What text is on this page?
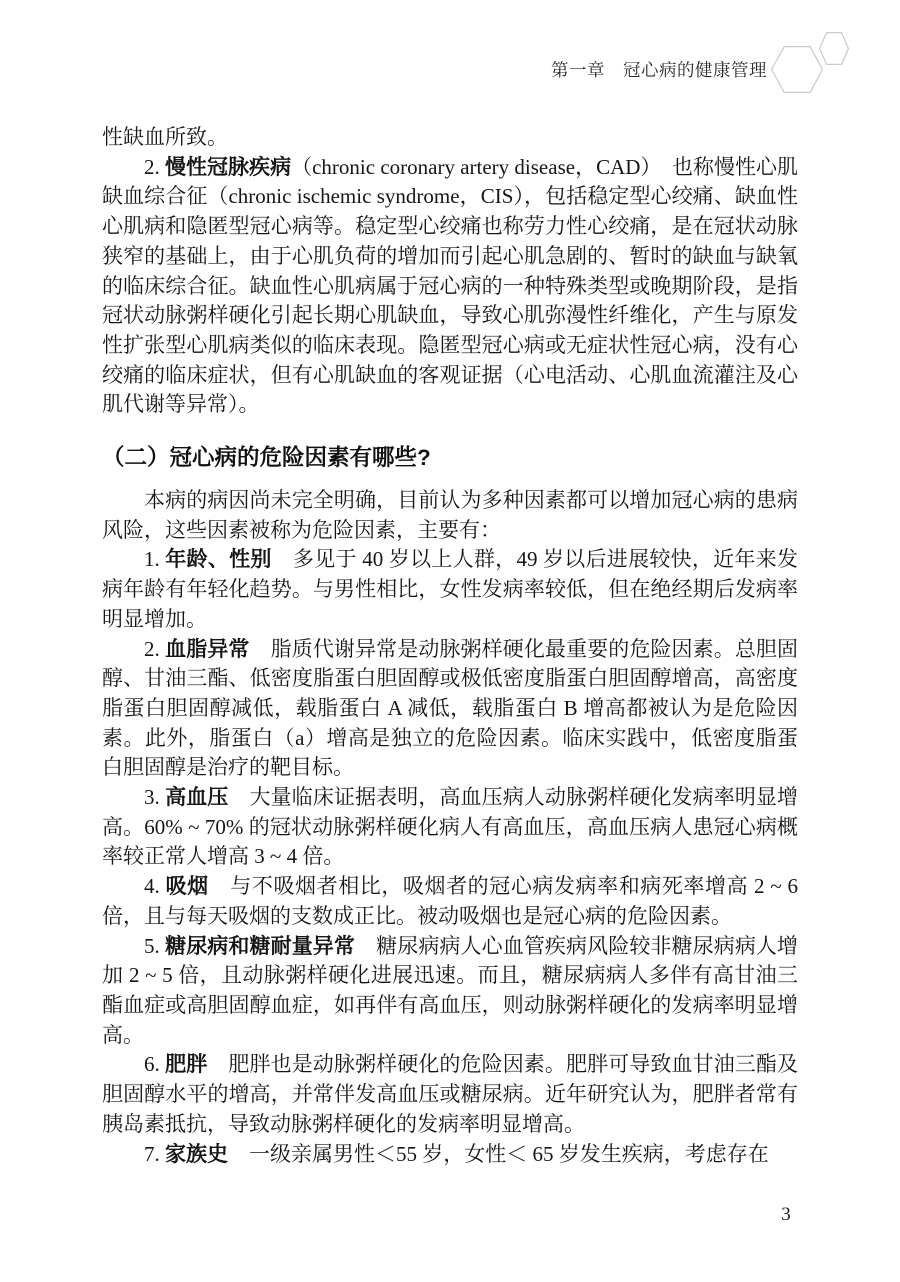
第一章　冠心病的健康管理

性缺血所致。

2. 慢性冠脉疾病（chronic coronary artery disease，CAD）　也称慢性心肌缺血综合征（chronic ischemic syndrome，CIS），包括稳定型心绞痛、缺血性心肌病和隐匿型冠心病等。稳定型心绞痛也称劳力性心绞痛，是在冠状动脉狭窄的基础上，由于心肌负荷的增加而引起心肌急剧的、暂时的缺血与缺氧的临床综合征。缺血性心肌病属于冠心病的一种特殊类型或晚期阶段，是指冠状动脉粥样硬化引起长期心肌缺血，导致心肌弥漫性纤维化，产生与原发性扩张型心肌病类似的临床表现。隐匿型冠心病或无症状性冠心病，没有心绞痛的临床症状，但有心肌缺血的客观证据（心电活动、心肌血流灌注及心肌代谢等异常）。

（二）冠心病的危险因素有哪些?

本病的病因尚未完全明确，目前认为多种因素都可以增加冠心病的患病风险，这些因素被称为危险因素，主要有：

1. 年龄、性别　多见于 40 岁以上人群，49 岁以后进展较快，近年来发病年龄有年轻化趋势。与男性相比，女性发病率较低，但在绝经期后发病率明显增加。

2. 血脂异常　脂质代谢异常是动脉粥样硬化最重要的危险因素。总胆固醇、甘油三酯、低密度脂蛋白胆固醇或极低密度脂蛋白胆固醇增高，高密度脂蛋白胆固醇减低，载脂蛋白 A 减低，载脂蛋白 B 增高都被认为是危险因素。此外，脂蛋白（a）增高是独立的危险因素。临床实践中，低密度脂蛋白胆固醇是治疗的靶目标。

3. 高血压　大量临床证据表明，高血压病人动脉粥样硬化发病率明显增高。60% ~ 70% 的冠状动脉粥样硬化病人有高血压，高血压病人患冠心病概率较正常人增高 3 ~ 4 倍。

4. 吸烟　与不吸烟者相比，吸烟者的冠心病发病率和病死率增高 2 ~ 6 倍，且与每天吸烟的支数成正比。被动吸烟也是冠心病的危险因素。

5. 糖尿病和糖耐量异常　糖尿病病人心血管疾病风险较非糖尿病病人增加 2 ~ 5 倍，且动脉粥样硬化进展迅速。而且，糖尿病病人多伴有高甘油三酯血症或高胆固醇血症，如再伴有高血压，则动脉粥样硬化的发病率明显增高。

6. 肥胖　肥胖也是动脉粥样硬化的危险因素。肥胖可导致血甘油三酯及胆固醇水平的增高，并常伴发高血压或糖尿病。近年研究认为，肥胖者常有胰岛素抵抗，导致动脉粥样硬化的发病率明显增高。

7. 家族史　一级亲属男性＜55 岁，女性＜ 65 岁发生疾病，考虑存在

3
